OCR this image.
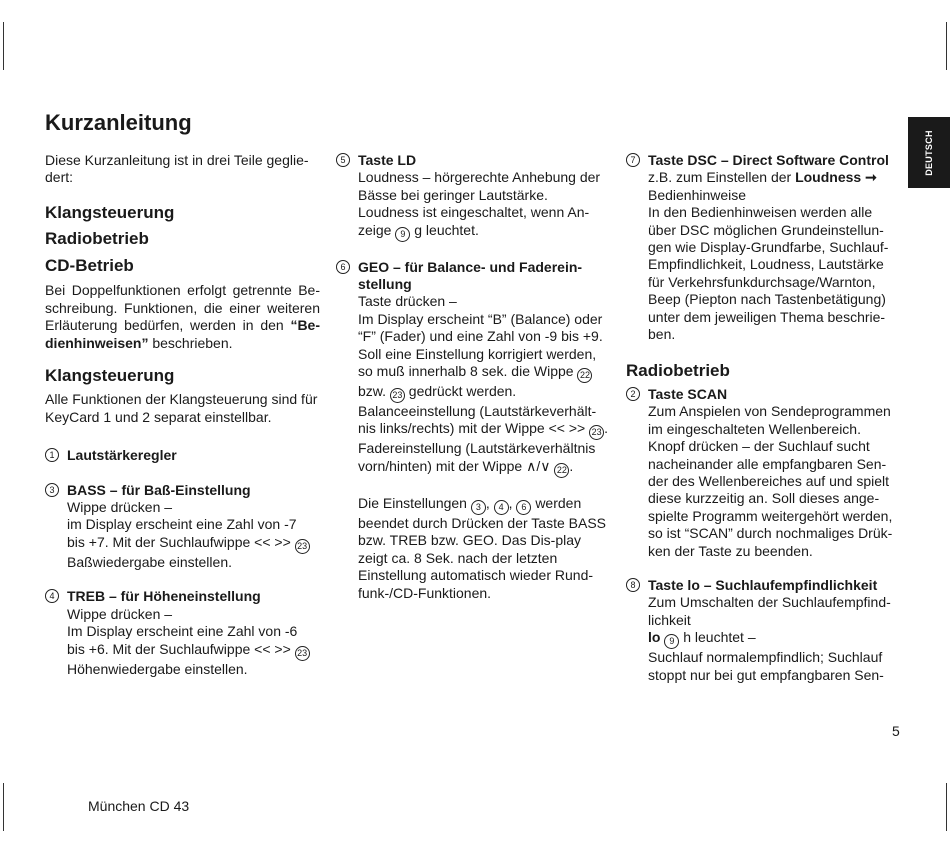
Kurzanleitung
DEUTSCH

Diese Kurzanleitung ist in drei Teile geglie-dert:

Klangsteuerung

Radiobetrieb

CD-Betrieb

Bei Doppelfunktionen erfolgt getrennte Be-schreibung. Funktionen, die einer weiteren Erläuterung bedürfen, werden in den “Be-dienhinweisen” beschrieben.

Klangsteuerung

Alle Funktionen der Klangsteuerung sind für KeyCard 1 und 2 separat einstellbar.

1 Lautstärkeregler

3 BASS – für Baß-Einstellung

Wippe drücken –

im Display erscheint eine Zahl von -7

bis +7. Mit der Suchlaufwippe << >> 23

Baßwiedergabe einstellen.

4 TREB – für Höheneinstellung

Wippe drücken –

Im Display erscheint eine Zahl von -6

bis +6. Mit der Suchlaufwippe << >> 23

Höhenwiedergabe einstellen.

5 Taste LD

Loudness – hörgerechte Anhebung der Bässe bei geringer Lautstärke. Loudness ist eingeschaltet, wenn An-zeige 9 g leuchtet.

6 GEO – für Balance- und Faderein-stellung

Taste drücken –

Im Display erscheint “B” (Balance) oder “F” (Fader) und eine Zahl von -9 bis +9. Soll eine Einstellung korrigiert werden, so muß innerhalb 8 sek. die Wippe 22 bzw. 23 gedrückt werden.

Balanceeinstellung (Lautstärkeverhält-nis links/rechts) mit der Wippe << >> 23 .

Fadereinstellung (Lautstärkeverhältnis vorn/hinten) mit der Wippe ∧/∨ 22 .

Die Einstellungen 3 , 4 , 6 werden beendet durch Drücken der Taste BASS bzw. TREB bzw. GEO. Das Dis-play zeigt ca. 8 Sek. nach der letzten Einstellung automatisch wieder Rund-funk-/CD-Funktionen.

7 Taste DSC – Direct Software Control

z.B. zum Einstellen der Loudness ➞

Bedienhinweise

In den Bedienhinweisen werden alle über DSC möglichen Grundeinstellun-gen wie Display-Grundfarbe, Suchlauf-Empfindlichkeit, Loudness, Lautstärke für Verkehrsfunkdurchsage/Warnton, Beep (Piepton nach Tastenbetätigung) unter dem jeweiligen Thema beschrie-ben.

Radiobetrieb

2 Taste SCAN

Zum Anspielen von Sendeprogrammen im eingeschalteten Wellenbereich. Knopf drücken – der Suchlauf sucht nacheinander alle empfangbaren Sen-der des Wellenbereiches auf und spielt diese kurzzeitig an. Soll dieses ange-spielte Programm weitergehört werden, so ist “SCAN” durch nochmaliges Drük-ken der Taste zu beenden.

8 Taste lo – Suchlaufempfindlichkeit

Zum Umschalten der Suchlaufempfind-lichkeit

lo 9 h leuchtet –

Suchlauf normalempfindlich; Suchlauf stoppt nur bei gut empfangbaren Sen-

5
München CD 43
